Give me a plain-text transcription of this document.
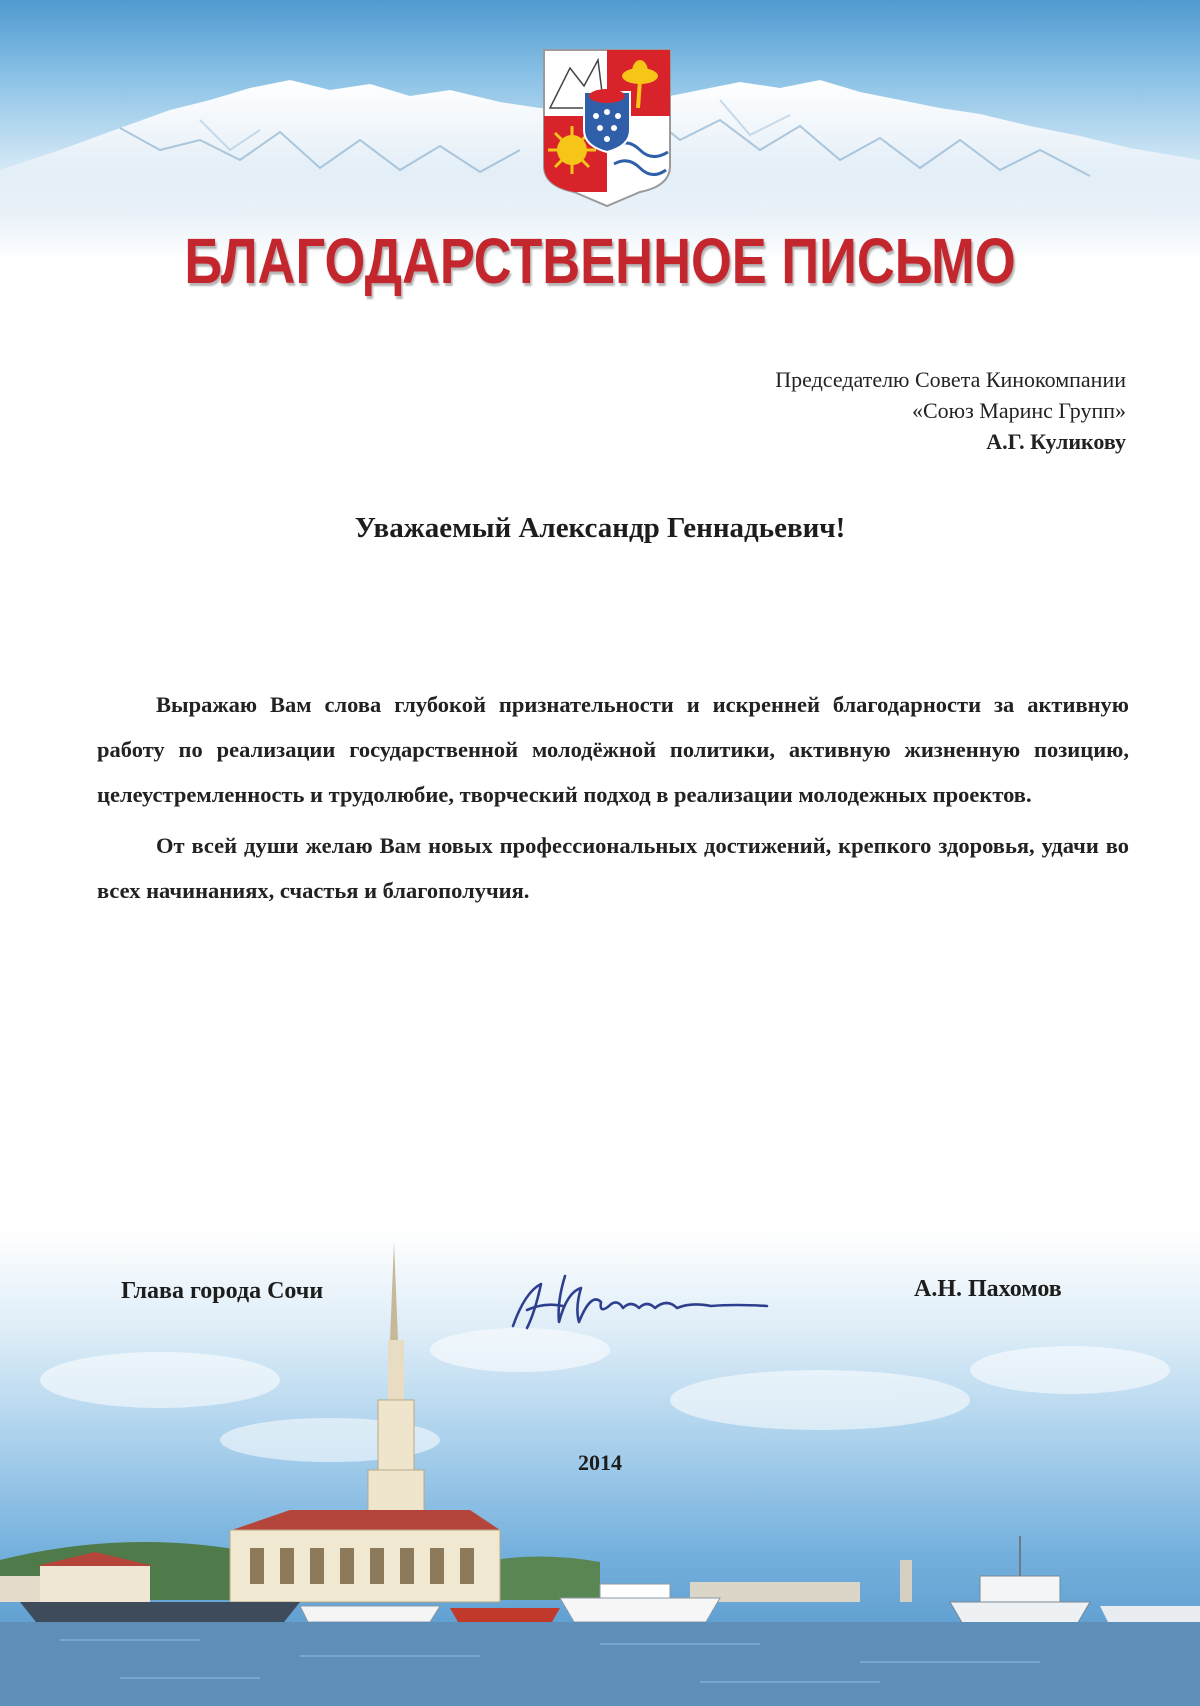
БЛАГОДАРСТВЕННОЕ ПИСЬМО
Председателю Совета Кинокомпании
«Союз Маринс Групп»
А.Г. Куликову
Уважаемый Александр Геннадьевич!

Выражаю Вам слова глубокой признательности и искренней благодарности за активную работу по реализации государственной молодёжной политики, активную жизненную позицию, целеустремленность и трудолюбие, творческий подход в реализации молодежных проектов.

От всей души желаю Вам новых профессиональных достижений, крепкого здоровья, удачи во всех начинаниях, счастья и благополучия.

Глава города Сочи	А.Н. Пахомов
2014
